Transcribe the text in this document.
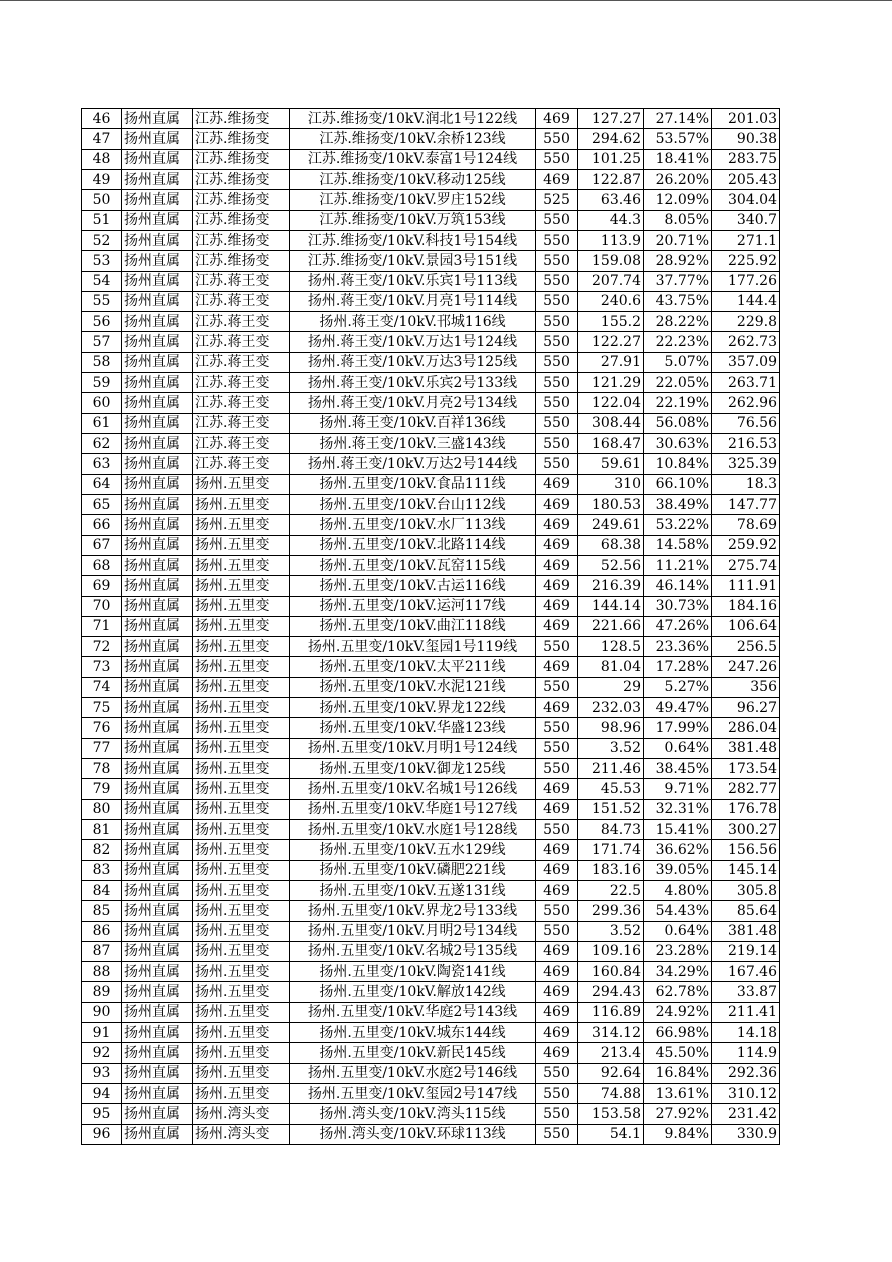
46	扬州直属	江苏.维扬变	江苏.维扬变/10kV.润北1号122线	469	127.27	27.14%	201.03
47	扬州直属	江苏.维扬变	江苏.维扬变/10kV.余桥123线	550	294.62	53.57%	90.38
48	扬州直属	江苏.维扬变	江苏.维扬变/10kV.泰富1号124线	550	101.25	18.41%	283.75
49	扬州直属	江苏.维扬变	江苏.维扬变/10kV.移动125线	469	122.87	26.20%	205.43
50	扬州直属	江苏.维扬变	江苏.维扬变/10kV.罗庄152线	525	63.46	12.09%	304.04
51	扬州直属	江苏.维扬变	江苏.维扬变/10kV.万筑153线	550	44.3	8.05%	340.7
52	扬州直属	江苏.维扬变	江苏.维扬变/10kV.科技1号154线	550	113.9	20.71%	271.1
53	扬州直属	江苏.维扬变	江苏.维扬变/10kV.景园3号151线	550	159.08	28.92%	225.92
54	扬州直属	江苏.蒋王变	扬州.蒋王变/10kV.乐宾1号113线	550	207.74	37.77%	177.26
55	扬州直属	江苏.蒋王变	扬州.蒋王变/10kV.月亮1号114线	550	240.6	43.75%	144.4
56	扬州直属	江苏.蒋王变	扬州.蒋王变/10kV.邗城116线	550	155.2	28.22%	229.8
57	扬州直属	江苏.蒋王变	扬州.蒋王变/10kV.万达1号124线	550	122.27	22.23%	262.73
58	扬州直属	江苏.蒋王变	扬州.蒋王变/10kV.万达3号125线	550	27.91	5.07%	357.09
59	扬州直属	江苏.蒋王变	扬州.蒋王变/10kV.乐宾2号133线	550	121.29	22.05%	263.71
60	扬州直属	江苏.蒋王变	扬州.蒋王变/10kV.月亮2号134线	550	122.04	22.19%	262.96
61	扬州直属	江苏.蒋王变	扬州.蒋王变/10kV.百祥136线	550	308.44	56.08%	76.56
62	扬州直属	江苏.蒋王变	扬州.蒋王变/10kV.三盛143线	550	168.47	30.63%	216.53
63	扬州直属	江苏.蒋王变	扬州.蒋王变/10kV.万达2号144线	550	59.61	10.84%	325.39
64	扬州直属	扬州.五里变	扬州.五里变/10kV.食品111线	469	310	66.10%	18.3
65	扬州直属	扬州.五里变	扬州.五里变/10kV.台山112线	469	180.53	38.49%	147.77
66	扬州直属	扬州.五里变	扬州.五里变/10kV.水厂113线	469	249.61	53.22%	78.69
67	扬州直属	扬州.五里变	扬州.五里变/10kV.北路114线	469	68.38	14.58%	259.92
68	扬州直属	扬州.五里变	扬州.五里变/10kV.瓦窑115线	469	52.56	11.21%	275.74
69	扬州直属	扬州.五里变	扬州.五里变/10kV.古运116线	469	216.39	46.14%	111.91
70	扬州直属	扬州.五里变	扬州.五里变/10kV.运河117线	469	144.14	30.73%	184.16
71	扬州直属	扬州.五里变	扬州.五里变/10kV.曲江118线	469	221.66	47.26%	106.64
72	扬州直属	扬州.五里变	扬州.五里变/10kV.玺园1号119线	550	128.5	23.36%	256.5
73	扬州直属	扬州.五里变	扬州.五里变/10kV.太平211线	469	81.04	17.28%	247.26
74	扬州直属	扬州.五里变	扬州.五里变/10kV.水泥121线	550	29	5.27%	356
75	扬州直属	扬州.五里变	扬州.五里变/10kV.界龙122线	469	232.03	49.47%	96.27
76	扬州直属	扬州.五里变	扬州.五里变/10kV.华盛123线	550	98.96	17.99%	286.04
77	扬州直属	扬州.五里变	扬州.五里变/10kV.月明1号124线	550	3.52	0.64%	381.48
78	扬州直属	扬州.五里变	扬州.五里变/10kV.御龙125线	550	211.46	38.45%	173.54
79	扬州直属	扬州.五里变	扬州.五里变/10kV.名城1号126线	469	45.53	9.71%	282.77
80	扬州直属	扬州.五里变	扬州.五里变/10kV.华庭1号127线	469	151.52	32.31%	176.78
81	扬州直属	扬州.五里变	扬州.五里变/10kV.水庭1号128线	550	84.73	15.41%	300.27
82	扬州直属	扬州.五里变	扬州.五里变/10kV.五水129线	469	171.74	36.62%	156.56
83	扬州直属	扬州.五里变	扬州.五里变/10kV.磷肥221线	469	183.16	39.05%	145.14
84	扬州直属	扬州.五里变	扬州.五里变/10kV.五遂131线	469	22.5	4.80%	305.8
85	扬州直属	扬州.五里变	扬州.五里变/10kV.界龙2号133线	550	299.36	54.43%	85.64
86	扬州直属	扬州.五里变	扬州.五里变/10kV.月明2号134线	550	3.52	0.64%	381.48
87	扬州直属	扬州.五里变	扬州.五里变/10kV.名城2号135线	469	109.16	23.28%	219.14
88	扬州直属	扬州.五里变	扬州.五里变/10kV.陶瓷141线	469	160.84	34.29%	167.46
89	扬州直属	扬州.五里变	扬州.五里变/10kV.解放142线	469	294.43	62.78%	33.87
90	扬州直属	扬州.五里变	扬州.五里变/10kV.华庭2号143线	469	116.89	24.92%	211.41
91	扬州直属	扬州.五里变	扬州.五里变/10kV.城东144线	469	314.12	66.98%	14.18
92	扬州直属	扬州.五里变	扬州.五里变/10kV.新民145线	469	213.4	45.50%	114.9
93	扬州直属	扬州.五里变	扬州.五里变/10kV.水庭2号146线	550	92.64	16.84%	292.36
94	扬州直属	扬州.五里变	扬州.五里变/10kV.玺园2号147线	550	74.88	13.61%	310.12
95	扬州直属	扬州.湾头变	扬州.湾头变/10kV.湾头115线	550	153.58	27.92%	231.42
96	扬州直属	扬州.湾头变	扬州.湾头变/10kV.环球113线	550	54.1	9.84%	330.9
